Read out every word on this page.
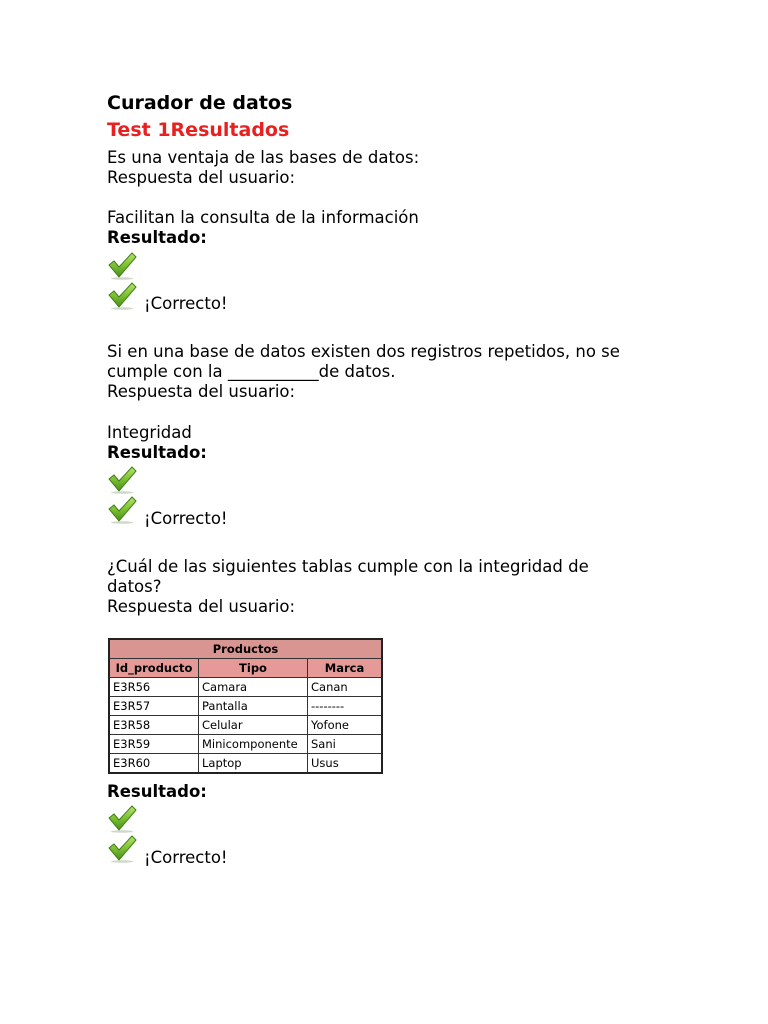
Curador de datos
Test 1Resultados
Es una ventaja de las bases de datos:
Respuesta del usuario:
Facilitan la consulta de la información
Resultado:
¡Correcto!
Si en una base de datos existen dos registros repetidos, no se
cumple con la ___________de datos.
Respuesta del usuario:
Integridad
Resultado:
¡Correcto!
¿Cuál de las siguientes tablas cumple con la integridad de
datos?
Respuesta del usuario:
Productos		
Id_producto	Tipo	Marca
E3R56	Camara	Canan
E3R57	Pantalla	--------
E3R58	Celular	Yofone
E3R59	Minicomponente	Sani
E3R60	Laptop	Usus
Resultado:
¡Correcto!
